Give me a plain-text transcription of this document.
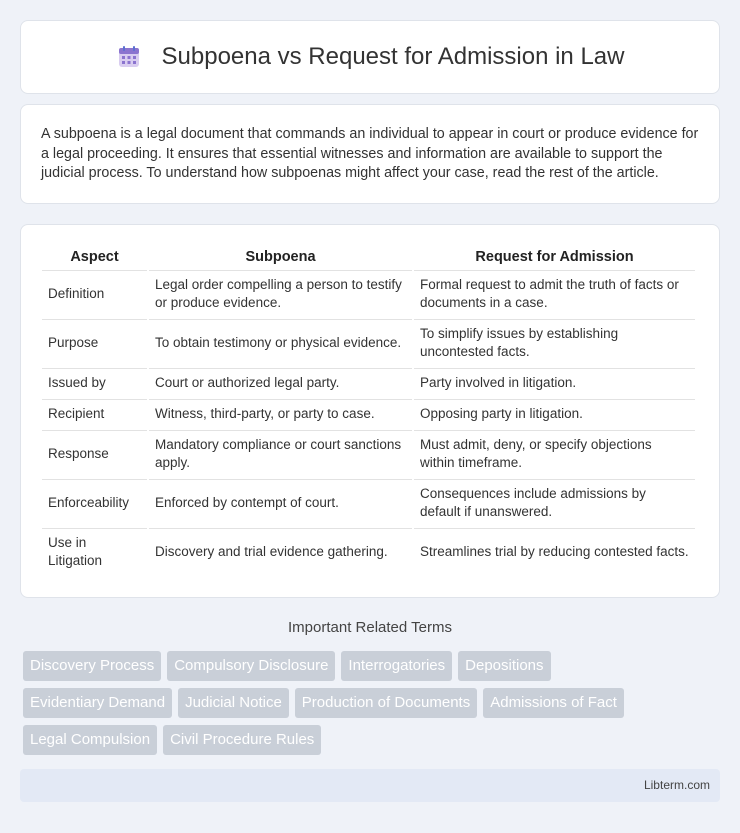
Subpoena vs Request for Admission in Law

A subpoena is a legal document that commands an individual to appear in court or produce evidence for a legal proceeding. It ensures that essential witnesses and information are available to support the judicial process. To understand how subpoenas might affect your case, read the rest of the article.

Aspect	Subpoena	Request for Admission
Definition	Legal order compelling a person to testify or produce evidence.	Formal request to admit the truth of facts or documents in a case.
Purpose	To obtain testimony or physical evidence.	To simplify issues by establishing uncontested facts.
Issued by	Court or authorized legal party.	Party involved in litigation.
Recipient	Witness, third-party, or party to case.	Opposing party in litigation.
Response	Mandatory compliance or court sanctions apply.	Must admit, deny, or specify objections within timeframe.
Enforceability	Enforced by contempt of court.	Consequences include admissions by default if unanswered.
Use in Litigation	Discovery and trial evidence gathering.	Streamlines trial by reducing contested facts.
Important Related Terms
Discovery Process	Compulsory Disclosure	Interrogatories	Depositions
Evidentiary Demand	Judicial Notice	Production of Documents	Admissions of Fact
Legal Compulsion	Civil Procedure Rules
Libterm.com
